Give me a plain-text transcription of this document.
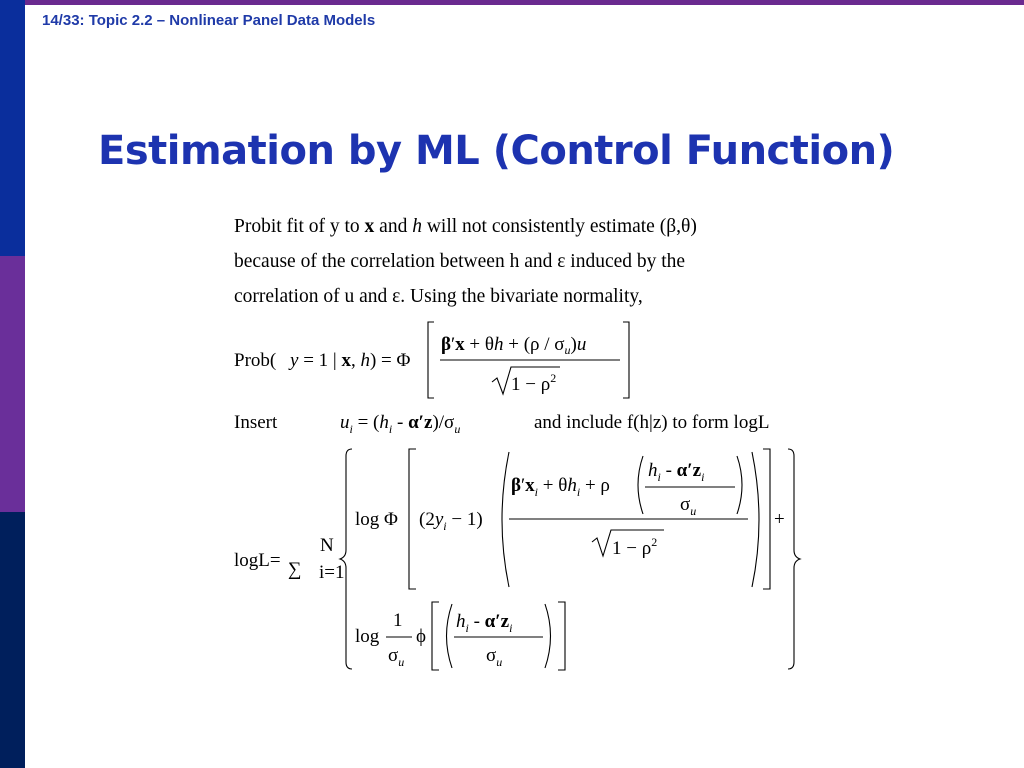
14/33: Topic 2.2 – Nonlinear Panel Data Models
Estimation by ML (Control Function)
Probit fit of y to x and h will not consistently estimate (β,θ)
because of the correlation between h and ε induced by the
correlation of u and ε. Using the bivariate normality,
Prob( y = 1 | x, h) = Φ
$\beta'x + \theta h + (\rho / \sigma_u)u$
$1 - \rho^2$
Insert	$u_i = (h_i - \alpha'z)/\sigma_u$	and include f(h|z) to form logL
logL= ∑
N
i=1
log Φ $(2y_i - 1)$
$\beta'x_i + \theta h_i + \rho$
$h_i - \alpha'z_i$
$\sigma_u$
$1 - \rho^2$
+
log
1
$\sigma_u$
ϕ
$h_i - \alpha'z_i$
$\sigma_u$
